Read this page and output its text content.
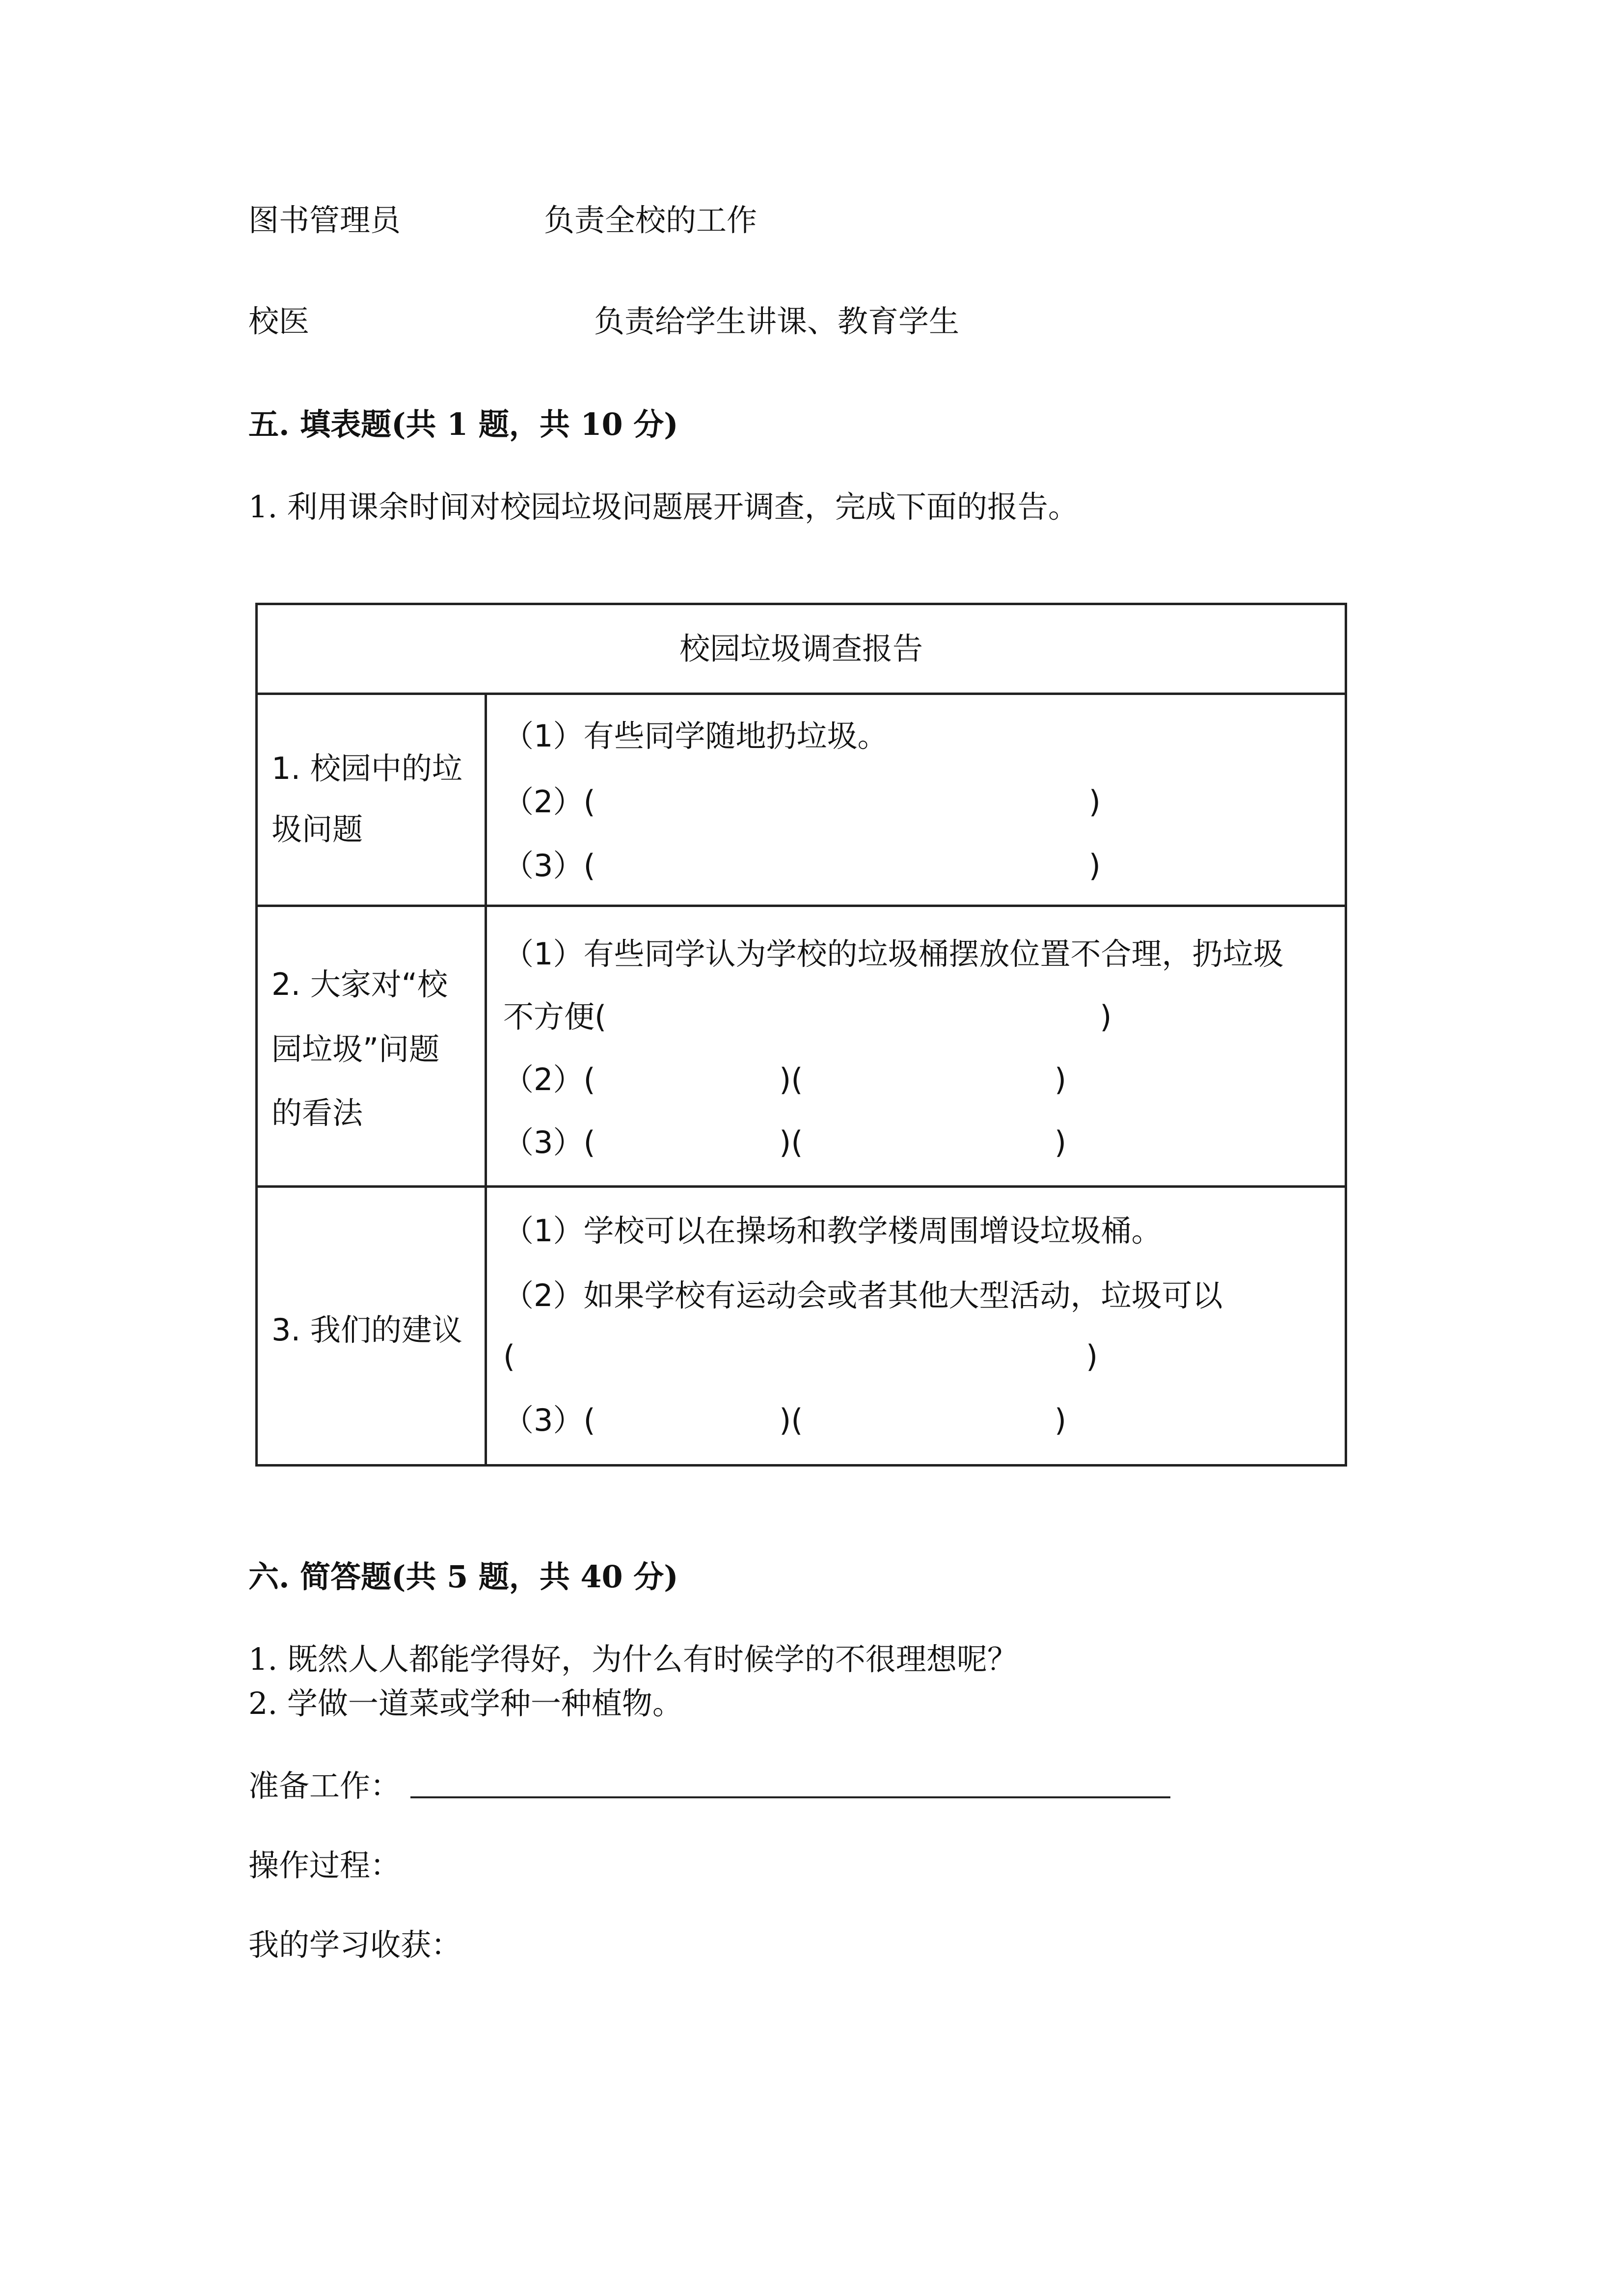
图书管理员	负责全校的工作
校医	负责给学生讲课、教育学生
五. 填表题(共 1 题，共 10 分)
1. 利用课余时间对校园垃圾问题展开调查，完成下面的报告。
校园垃圾调查报告
1. 校园中的垃
圾问题
（1）有些同学随地扔垃圾。
（2）(                                                   )
（3）(                                                   )
2. 大家对“校
园垃圾”问题
的看法
（1）有些同学认为学校的垃圾桶摆放位置不合理，扔垃圾
不方便(                                                   )
（2）(                   )(                          )
（3）(                   )(                          )
3. 我们的建议
（1）学校可以在操场和教学楼周围增设垃圾桶。
（2）如果学校有运动会或者其他大型活动，垃圾可以
(                                                           )
（3）(                   )(                          )
六. 简答题(共 5 题，共 40 分)
1. 既然人人都能学得好，为什么有时候学的不很理想呢？
2. 学做一道菜或学种一种植物。
准备工作：
操作过程：
我的学习收获：
